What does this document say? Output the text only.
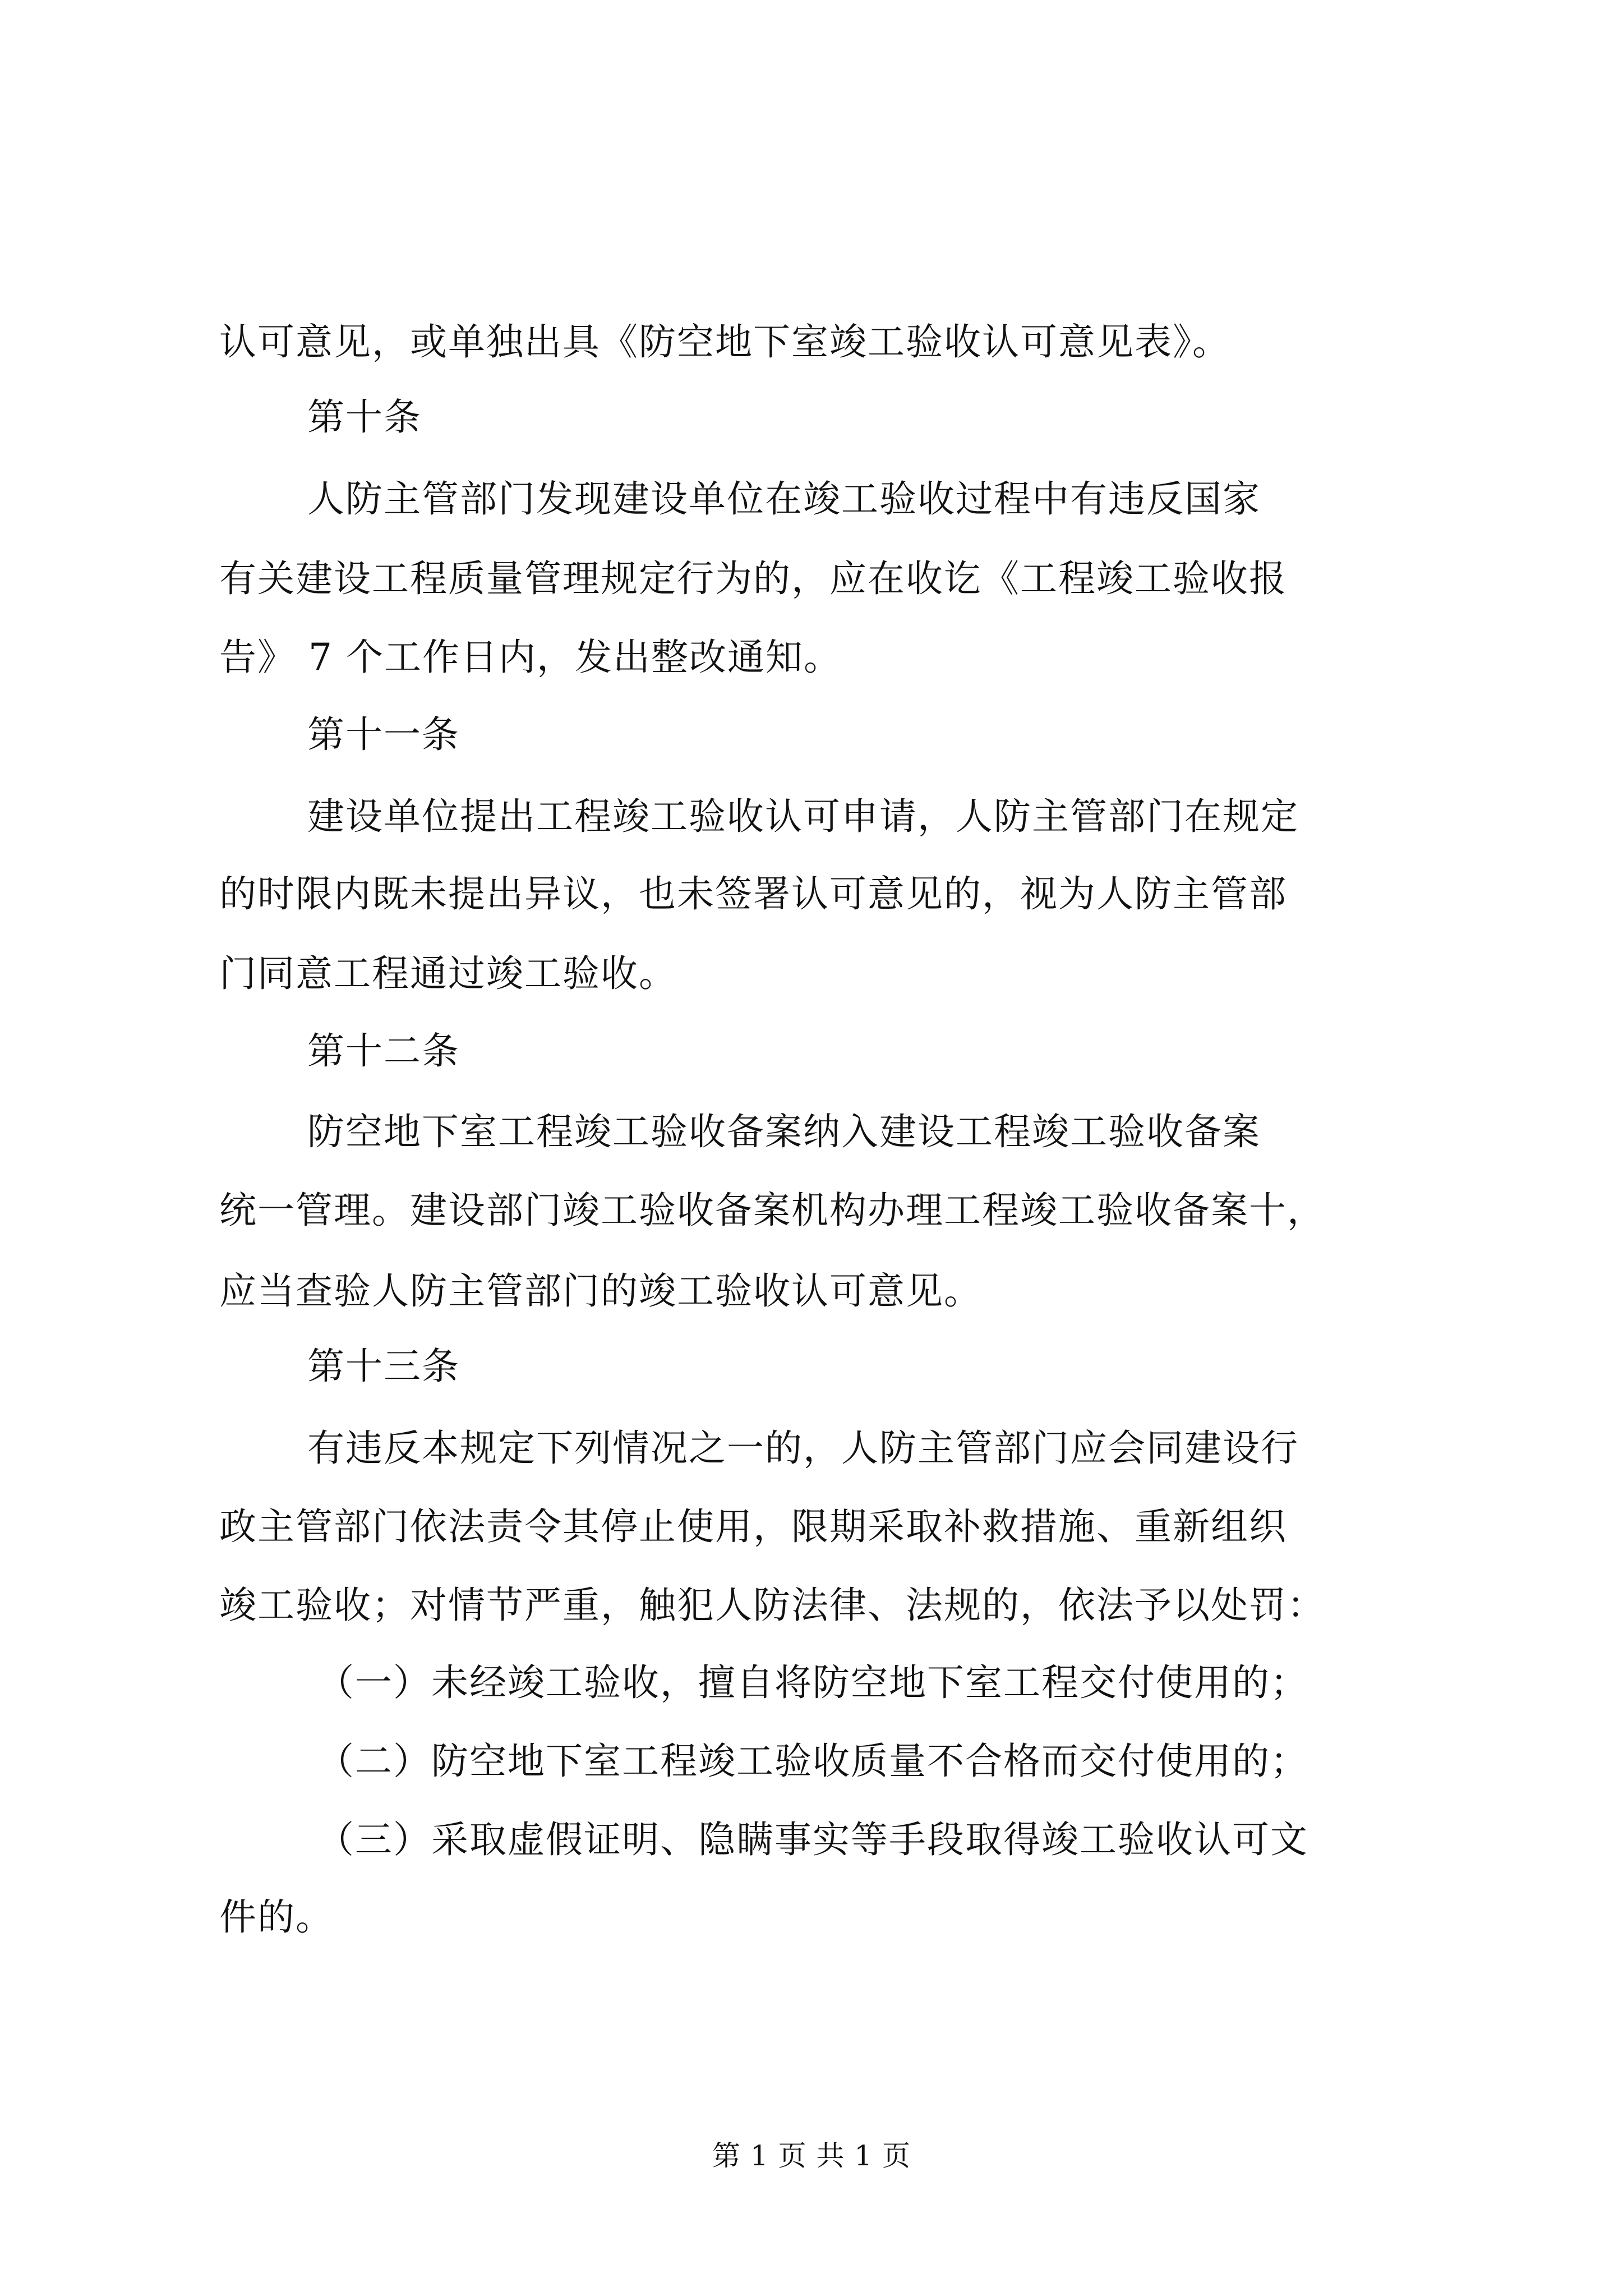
认可意见，或单独出具《防空地下室竣工验收认可意见表》。
第十条
人防主管部门发现建设单位在竣工验收过程中有违反国家
有关建设工程质量管理规定行为的，应在收讫《工程竣工验收报
告》 7 个工作日内，发出整改通知。
第十一条
建设单位提出工程竣工验收认可申请，人防主管部门在规定
的时限内既未提出异议，也未签署认可意见的，视为人防主管部
门同意工程通过竣工验收。
第十二条
防空地下室工程竣工验收备案纳入建设工程竣工验收备案
统一管理。建设部门竣工验收备案机构办理工程竣工验收备案十，
应当查验人防主管部门的竣工验收认可意见。
第十三条
有违反本规定下列情况之一的，人防主管部门应会同建设行
政主管部门依法责令其停止使用，限期采取补救措施、重新组织
竣工验收；对情节严重，触犯人防法律、法规的，依法予以处罚：
（一）未经竣工验收，擅自将防空地下室工程交付使用的；
（二）防空地下室工程竣工验收质量不合格而交付使用的；
（三）采取虚假证明、隐瞒事实等手段取得竣工验收认可文
件的。
第 1 页 共 1 页
